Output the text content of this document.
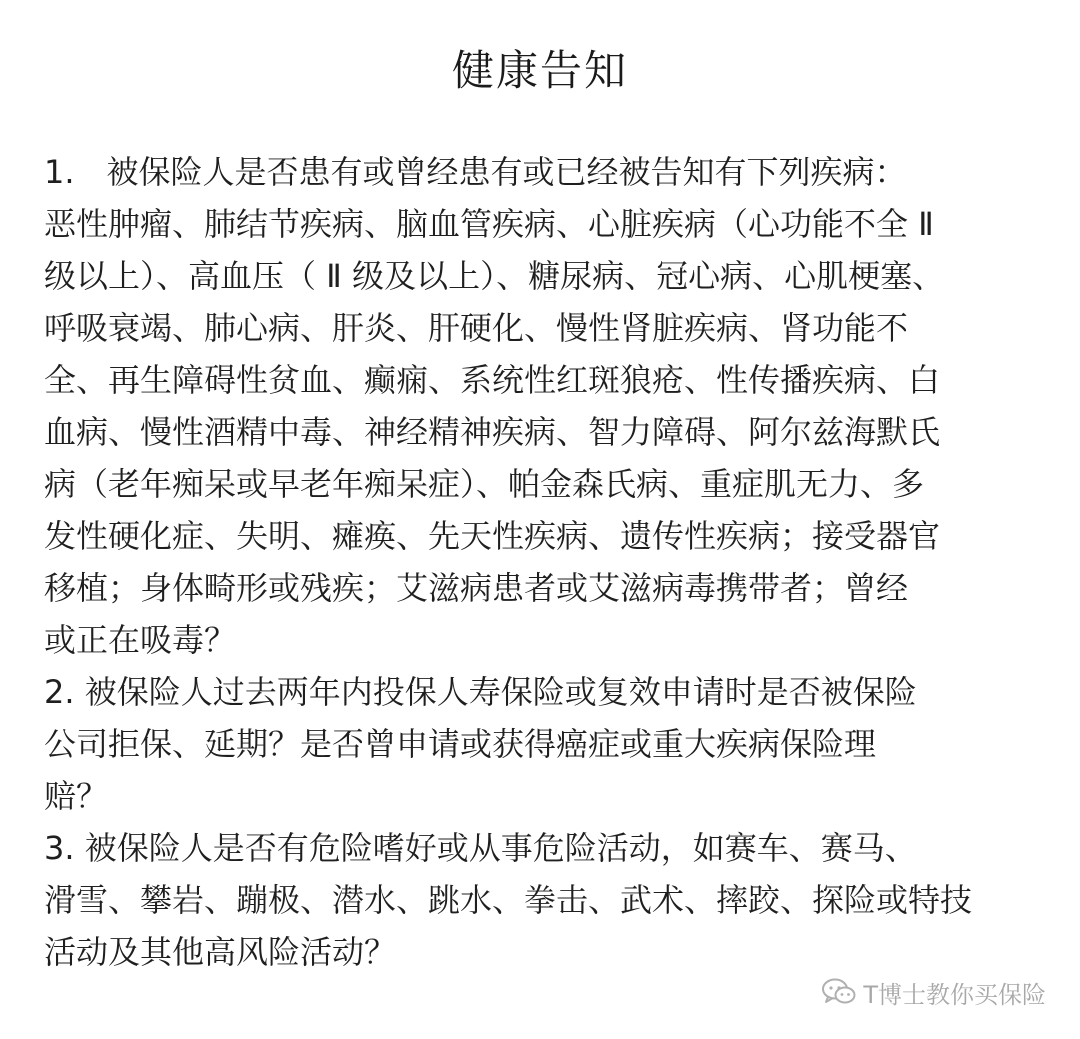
健康告知
1.　被保险人是否患有或曾经患有或已经被告知有下列疾病：
恶性肿瘤、肺结节疾病、脑血管疾病、心脏疾病（心功能不全 Ⅱ
级以上）、高血压（ Ⅱ 级及以上）、糖尿病、冠心病、心肌梗塞、
呼吸衰竭、肺心病、肝炎、肝硬化、慢性肾脏疾病、肾功能不
全、再生障碍性贫血、癫痫、系统性红斑狼疮、性传播疾病、白
血病、慢性酒精中毒、神经精神疾病、智力障碍、阿尔兹海默氏
病（老年痴呆或早老年痴呆症）、帕金森氏病、重症肌无力、多
发性硬化症、失明、瘫痪、先天性疾病、遗传性疾病；接受器官
移植；身体畸形或残疾；艾滋病患者或艾滋病毒携带者；曾经
或正在吸毒？
2. 被保险人过去两年内投保人寿保险或复效申请时是否被保险
公司拒保、延期？是否曾申请或获得癌症或重大疾病保险理
赔？
3. 被保险人是否有危险嗜好或从事危险活动，如赛车、赛马、
滑雪、攀岩、蹦极、潜水、跳水、拳击、武术、摔跤、探险或特技
活动及其他高风险活动？
T博士教你买保险
